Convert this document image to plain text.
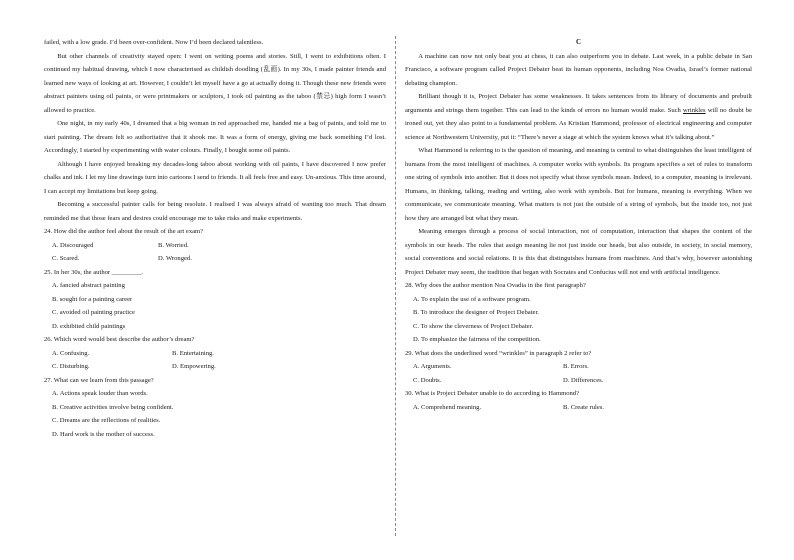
failed, with a low grade. I’d been over-confident. Now I’d been declared talentless.

But other channels of creativity stayed open: I went on writing poems and stories. Still, I went to exhibitions often. I continued my habitual drawing, which I now characterised as childish doodling (乱画). In my 30s, I made painter friends and learned new ways of looking at art. However, I couldn’t let myself have a go at actually doing it. Though these new friends were abstract painters using oil paints, or were printmakers or sculptors, I took oil painting as the taboo (禁忌) high form I wasn’t allowed to practice.

One night, in my early 40s, I dreamed that a big woman in red approached me, handed me a bag of paints, and told me to start painting. The dream felt so authoritative that it shook me. It was a form of energy, giving me back something I’d lost. Accordingly, I started by experimenting with water colours. Finally, I bought some oil paints.

Although I have enjoyed breaking my decades-long taboo about working with oil paints, I have discovered I now prefer chalks and ink. I let my line drawings turn into cartoons I send to friends. It all feels free and easy. Un-anxious. This time around, I can accept my limitations but keep going.

Becoming a successful painter calls for being resolute. I realised I was always afraid of wanting too much. That dream reminded me that those fears and desires could encourage me to take risks and make experiments.

24. How did the author feel about the result of the art exam?
A. Discouraged	B. Worried.
C. Scared.	D. Wronged.
25. In her 30s, the author _________.
A. fancied abstract painting
B. sought for a painting career
C. avoided oil painting practice
D. exhibited child paintings
26. Which word would best describe the author’s dream?
A. Confusing.	B. Entertaining.
C. Disturbing.	D. Empowering.
27. What can we learn from this passage?
A. Actions speak louder than words.
B. Creative activities involve being confident.
C. Dreams are the reflections of realities.
D. Hard work is the mother of success.
C

A machine can now not only beat you at chess, it can also outperform you in debate. Last week, in a public debate in San Francisco, a software program called Project Debater beat its human opponents, including Noa Ovadia, Israel’s former national debating champion.

Brilliant though it is, Project Debater has some weaknesses. It takes sentences from its library of documents and prebuilt arguments and strings them together. This can lead to the kinds of errors no human would make. Such wrinkles will no doubt be ironed out, yet they also point to a fundamental problem. As Kristian Hammond, professor of electrical engineering and computer science at Northwestern University, put it: “There’s never a stage at which the system knows what it’s talking about.”

What Hammond is referring to is the question of meaning, and meaning is central to what distinguishes the least intelligent of humans from the most intelligent of machines. A computer works with symbols. Its program specifies a set of rules to transform one string of symbols into another. But it does not specify what those symbols mean. Indeed, to a computer, meaning is irrelevant. Humans, in thinking, talking, reading and writing, also work with symbols. But for humans, meaning is everything. When we communicate, we communicate meaning. What matters is not just the outside of a string of symbols, but the inside too, not just how they are arranged but what they mean.

Meaning emerges through a process of social interaction, not of computation, interaction that shapes the content of the symbols in our heads. The rules that assign meaning lie not just inside our heads, but also outside, in society, in social memory, social conventions and social relations. It is this that distinguishes humans from machines. And that’s why, however astonishing Project Debater may seem, the tradition that began with Socrates and Confucius will not end with artificial intelligence.

28. Why does the author mention Noa Ovadia in the first paragraph?
A. To explain the use of a software program.
B. To introduce the designer of Project Debater.
C. To show the cleverness of Project Debater.
D. To emphasize the fairness of the competition.
29. What does the underlined word “wrinkles” in paragraph 2 refer to?
A. Arguments.	B. Errors.
C. Doubts.	D. Differences.
30. What is Project Debater unable to do according to Hammond?
A. Comprehend meaning.	B. Create rules.
